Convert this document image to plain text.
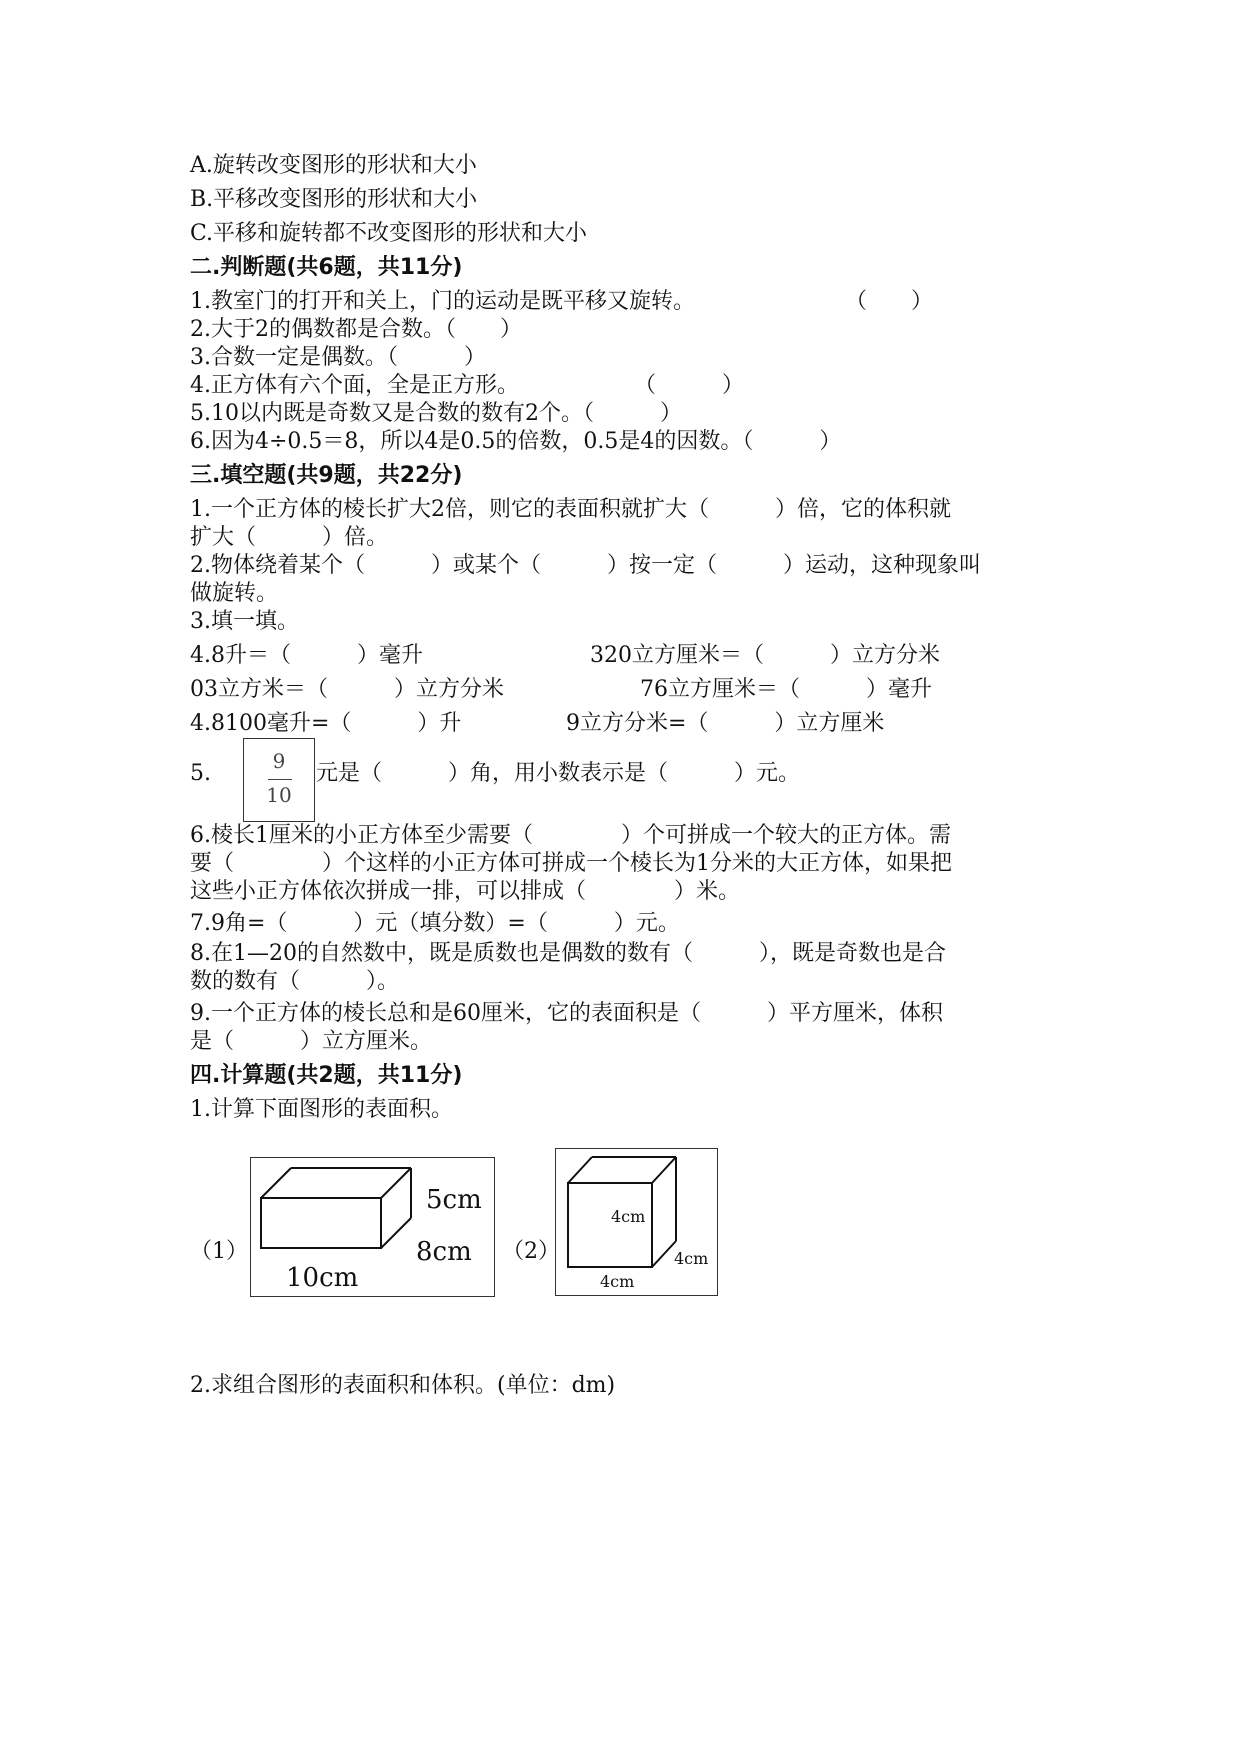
A.旋转改变图形的形状和大小
B.平移改变图形的形状和大小
C.平移和旋转都不改变图形的形状和大小
二.判断题(共6题，共11分)
1.教室门的打开和关上，门的运动是既平移又旋转。	（　　）
2.大于2的偶数都是合数。（　　）
3.合数一定是偶数。（　　　）
4.正方体有六个面，全是正方形。	（　　　）
5.10以内既是奇数又是合数的数有2个。（　　　）
6.因为4÷0.5＝8，所以4是0.5的倍数，0.5是4的因数。（　　　）
三.填空题(共9题，共22分)
1.一个正方体的棱长扩大2倍，则它的表面积就扩大（　　　）倍，它的体积就
扩大（　　　）倍。
2.物体绕着某个（　　　）或某个（　　　）按一定（　　　）运动，这种现象叫
做旋转。
3.填一填。
4.8升＝（　　　）毫升	320立方厘米＝（　　　）立方分米
03立方米＝（　　　）立方分米	76立方厘米＝（　　　）毫升
4.8100毫升=（　　　）升	9立方分米=（　　　）立方厘米
5.	9
10
元是（　　　）角，用小数表示是（　　　）元。
6.棱长1厘米的小正方体至少需要（　　　　）个可拼成一个较大的正方体。需
要（　　　　）个这样的小正方体可拼成一个棱长为1分米的大正方体，如果把
这些小正方体依次拼成一排，可以排成（　　　　）米。
7.9角=（　　　）元（填分数）=（　　　）元。
8.在1—20的自然数中，既是质数也是偶数的数有（　　　），既是奇数也是合
数的数有（　　　）。
9.一个正方体的棱长总和是60厘米，它的表面积是（　　　）平方厘米，体积
是（　　　）立方厘米。
四.计算题(共2题，共11分)
1.计算下面图形的表面积。
（1）
5cm
8cm
10cm
（2）
4cm
4cm
4cm
2.求组合图形的表面积和体积。(单位：dm)
